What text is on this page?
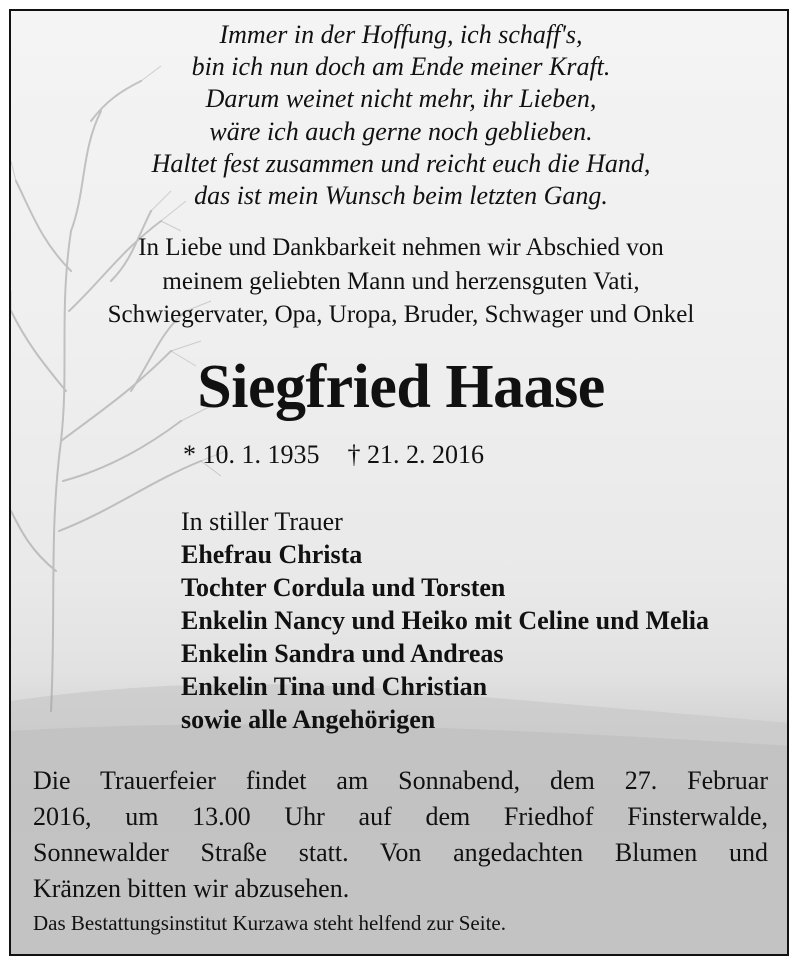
Immer in der Hoffung, ich schaff's,
bin ich nun doch am Ende meiner Kraft.
Darum weinet nicht mehr, ihr Lieben,
wäre ich auch gerne noch geblieben.
Haltet fest zusammen und reicht euch die Hand,
das ist mein Wunsch beim letzten Gang.
In Liebe und Dankbarkeit nehmen wir Abschied von
meinem geliebten Mann und herzensguten Vati,
Schwiegervater, Opa, Uropa, Bruder, Schwager und Onkel
Siegfried Haase
* 10. 1. 1935 † 21. 2. 2016
In stiller Trauer
Ehefrau Christa
Tochter Cordula und Torsten
Enkelin Nancy und Heiko mit Celine und Melia
Enkelin Sandra und Andreas
Enkelin Tina und Christian
sowie alle Angehörigen
Die Trauerfeier findet am Sonnabend, dem 27. Februar
2016, um 13.00 Uhr auf dem Friedhof Finsterwalde,
Sonnewalder Straße statt. Von angedachten Blumen und
Kränzen bitten wir abzusehen.
Das Bestattungsinstitut Kurzawa steht helfend zur Seite.
